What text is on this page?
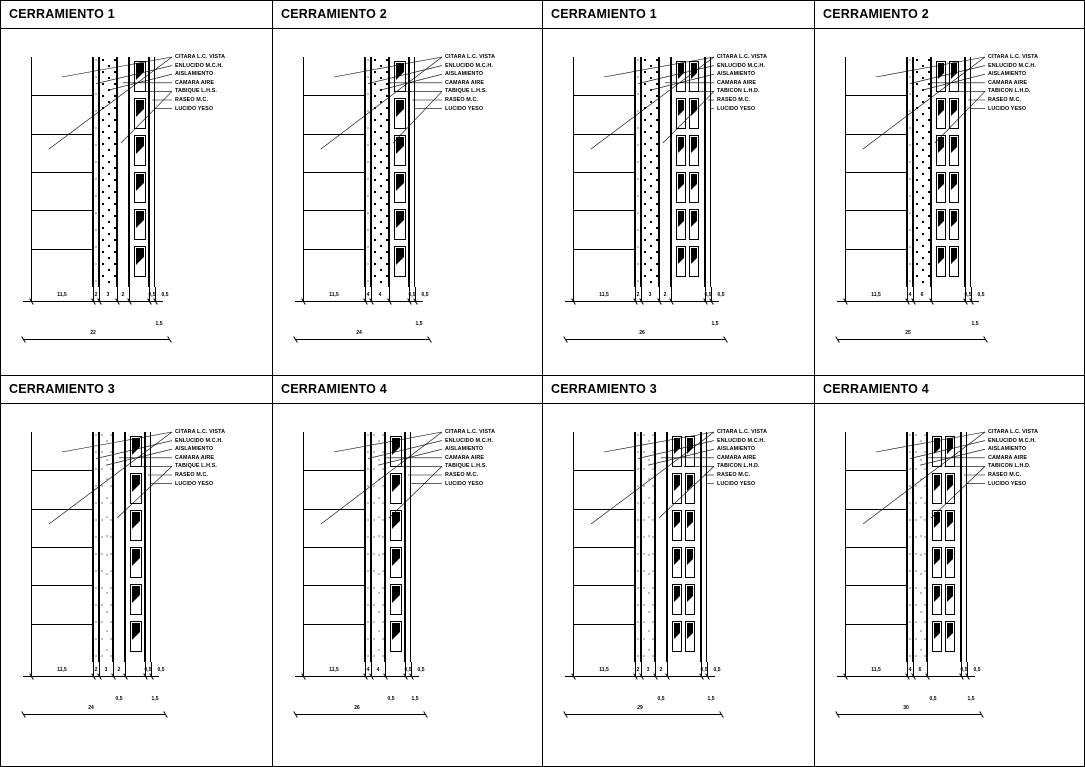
CERRAMIENTO 1
CITARA L.C. VISTA
ENLUCIDO M.C.H.
AISLAMIENTO
CAMARA AIRE
TABIQUE L.H.S.
RASEO M.C.
LUCIDO YESO
11,5	2 3 2	0,5 0,5
22
1,5
CERRAMIENTO 2
CITARA L.C. VISTA
ENLUCIDO M.C.H.
AISLAMIENTO
CAMARA AIRE
TABIQUE L.H.S.
RASEO M.C.
LUCIDO YESO
11,5	4 4	0,5 0,5
24
1,5
CERRAMIENTO 1
CITARA L.C. VISTA
ENLUCIDO M.C.H.
AISLAMIENTO
CAMARA AIRE
TABICON L.H.D.
RASEO M.C.
LUCIDO YESO
11,5	2 3 2	0,5 0,5
26
1,5
CERRAMIENTO 2
CITARA L.C. VISTA
ENLUCIDO M.C.H.
AISLAMIENTO
CAMARA AIRE
TABICON L.H.D.
RASEO M.C.
LUCIDO YESO
11,5	4 6	0,5 0,5
25
1,5
CERRAMIENTO 3
CITARA L.C. VISTA
ENLUCIDO M.C.H.
AISLAMIENTO
CAMARA AIRE
TABIQUE L.H.S.
RASEO M.C.
LUCIDO YESO
11,5	2 3 2	0,5 0,5
24
0,5	1,5
CERRAMIENTO 4
CITARA L.C. VISTA
ENLUCIDO M.C.H.
AISLAMIENTO
CAMARA AIRE
TABIQUE L.H.S.
RASEO M.C.
LUCIDO YESO
11,5	4 4	0,5 0,5
26
0,5	1,5
CERRAMIENTO 3
CITARA L.C. VISTA
ENLUCIDO M.C.H.
AISLAMIENTO
CAMARA AIRE
TABICON L.H.D.
RASEO M.C.
LUCIDO YESO
11,5	2 3 2	0,5 0,5
29
0,5	1,5
CERRAMIENTO 4
CITARA L.C. VISTA
ENLUCIDO M.C.H.
AISLAMIENTO
CAMARA AIRE
TABICON L.H.D.
RASEO M.C.
LUCIDO YESO
11,5	4 6	0,5 0,5
30
0,5	1,5
